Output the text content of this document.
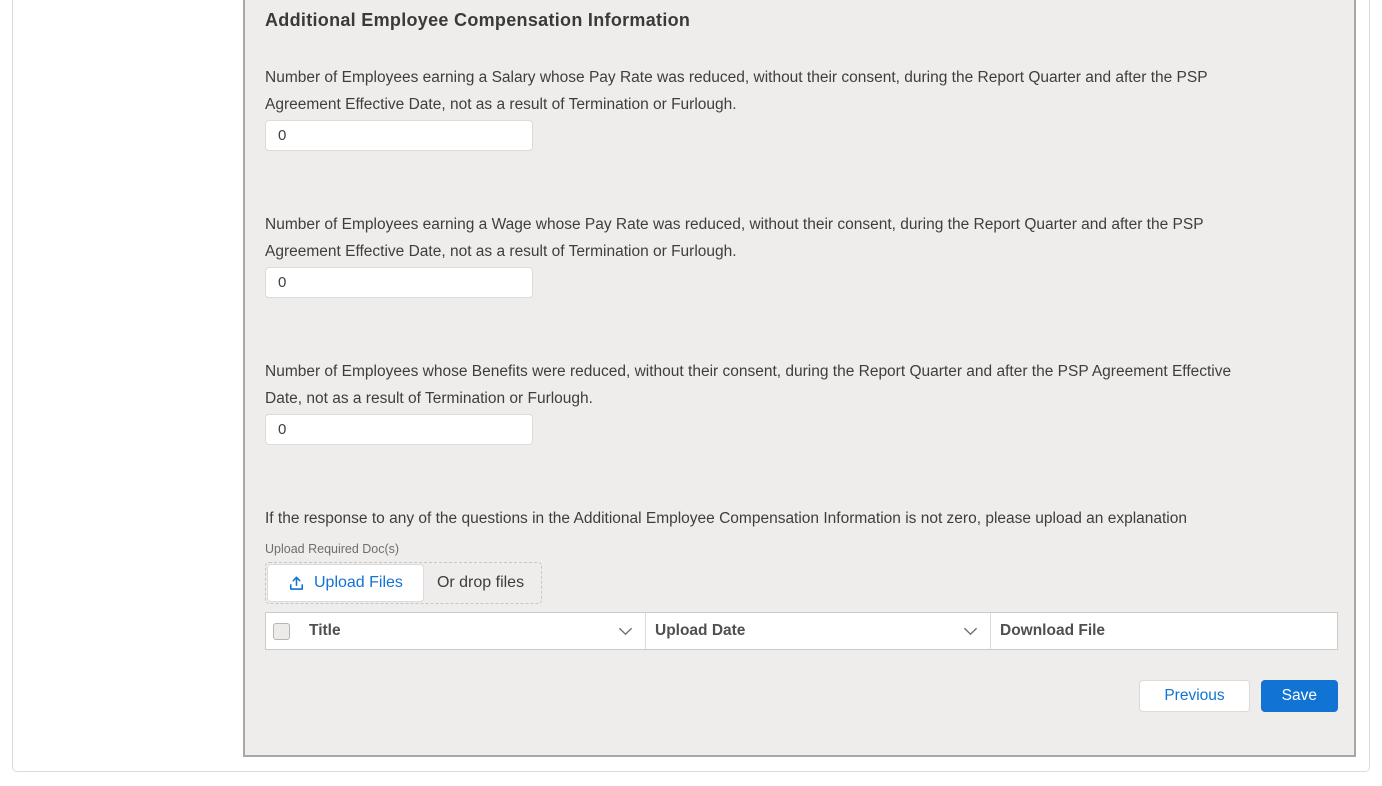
Additional Employee Compensation Information
Number of Employees earning a Salary whose Pay Rate was reduced, without their consent, during the Report Quarter and after the PSP Agreement Effective Date, not as a result of Termination or Furlough.
0
Number of Employees earning a Wage whose Pay Rate was reduced, without their consent, during the Report Quarter and after the PSP Agreement Effective Date, not as a result of Termination or Furlough.
0
Number of Employees whose Benefits were reduced, without their consent, during the Report Quarter and after the PSP Agreement Effective Date, not as a result of Termination or Furlough.
0
If the response to any of the questions in the Additional Employee Compensation Information is not zero, please upload an explanation
Upload Required Doc(s)
Upload Files Or drop files
Title	Upload Date	Download File
Previous	Save
